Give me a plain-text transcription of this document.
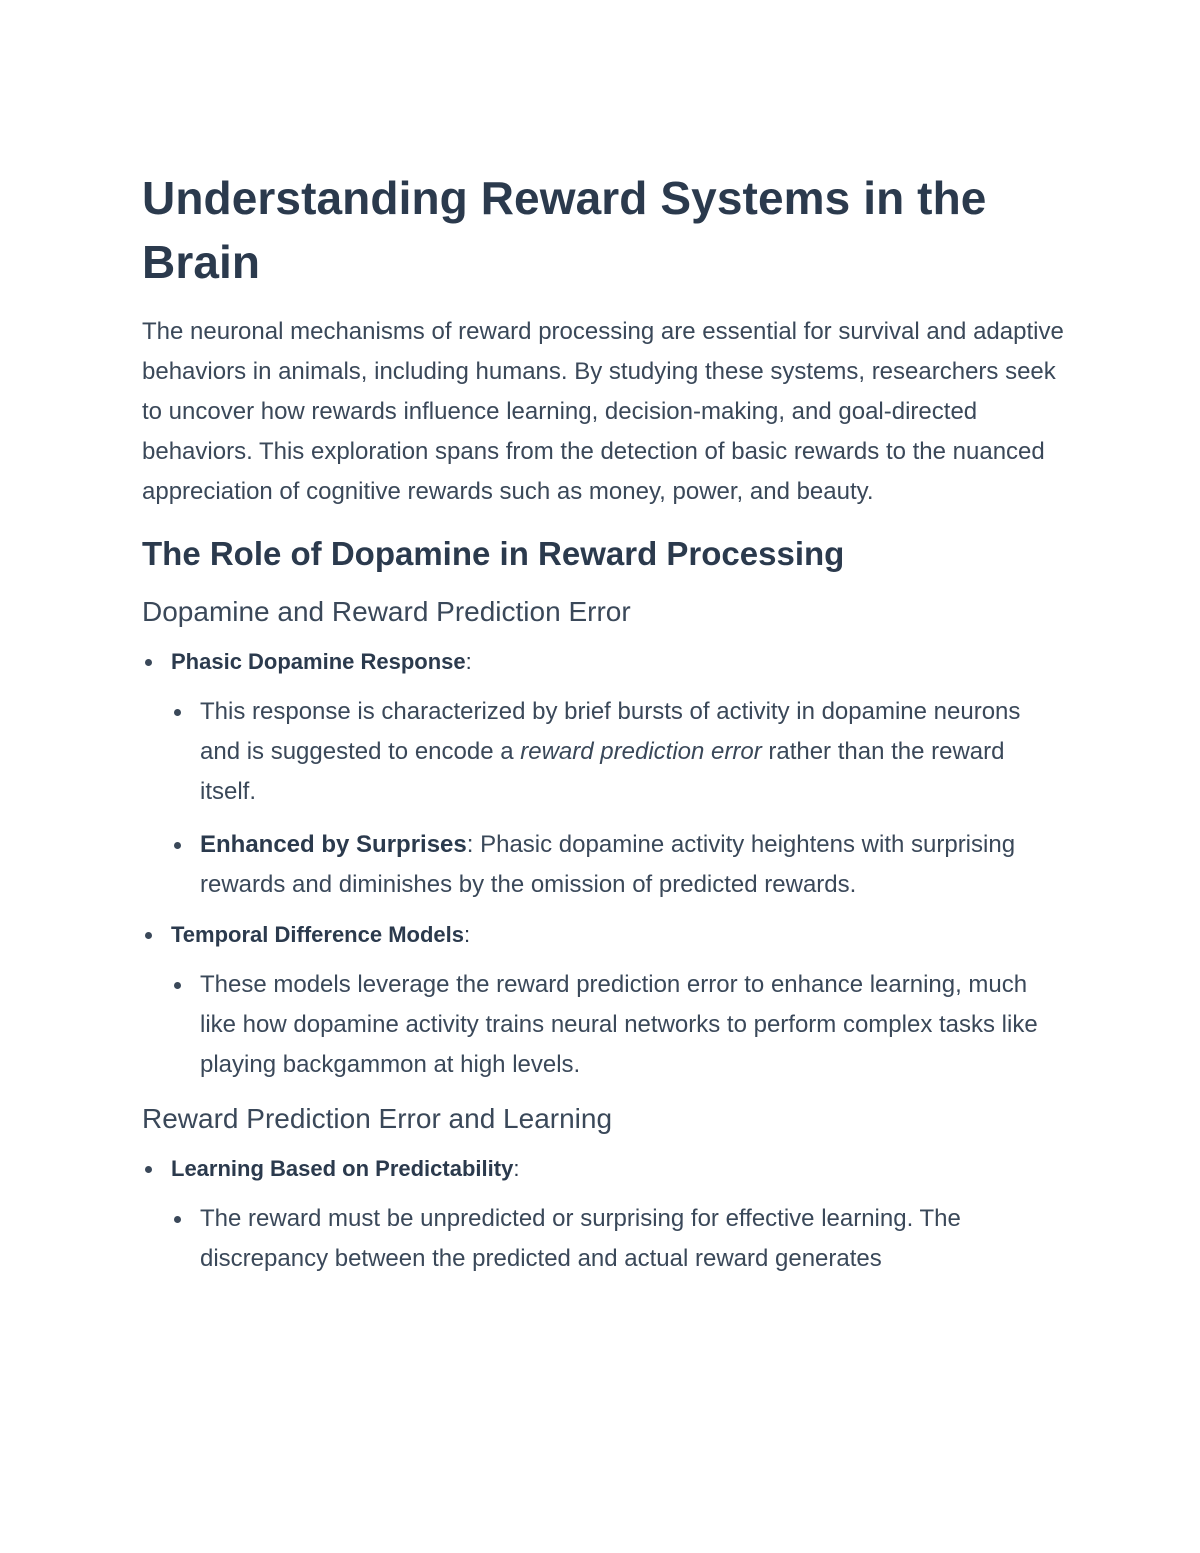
Understanding Reward Systems in the Brain

The neuronal mechanisms of reward processing are essential for survival and adaptive behaviors in animals, including humans. By studying these systems, researchers seek to uncover how rewards influence learning, decision-making, and goal-directed behaviors. This exploration spans from the detection of basic rewards to the nuanced appreciation of cognitive rewards such as money, power, and beauty.

The Role of Dopamine in Reward Processing
Dopamine and Reward Prediction Error
Phasic Dopamine Response:
This response is characterized by brief bursts of activity in dopamine neurons and is suggested to encode a reward prediction error rather than the reward itself.
Enhanced by Surprises: Phasic dopamine activity heightens with surprising rewards and diminishes by the omission of predicted rewards.
Temporal Difference Models:
These models leverage the reward prediction error to enhance learning, much like how dopamine activity trains neural networks to perform complex tasks like playing backgammon at high levels.
Reward Prediction Error and Learning
Learning Based on Predictability:
The reward must be unpredicted or surprising for effective learning. The discrepancy between the predicted and actual reward generates
